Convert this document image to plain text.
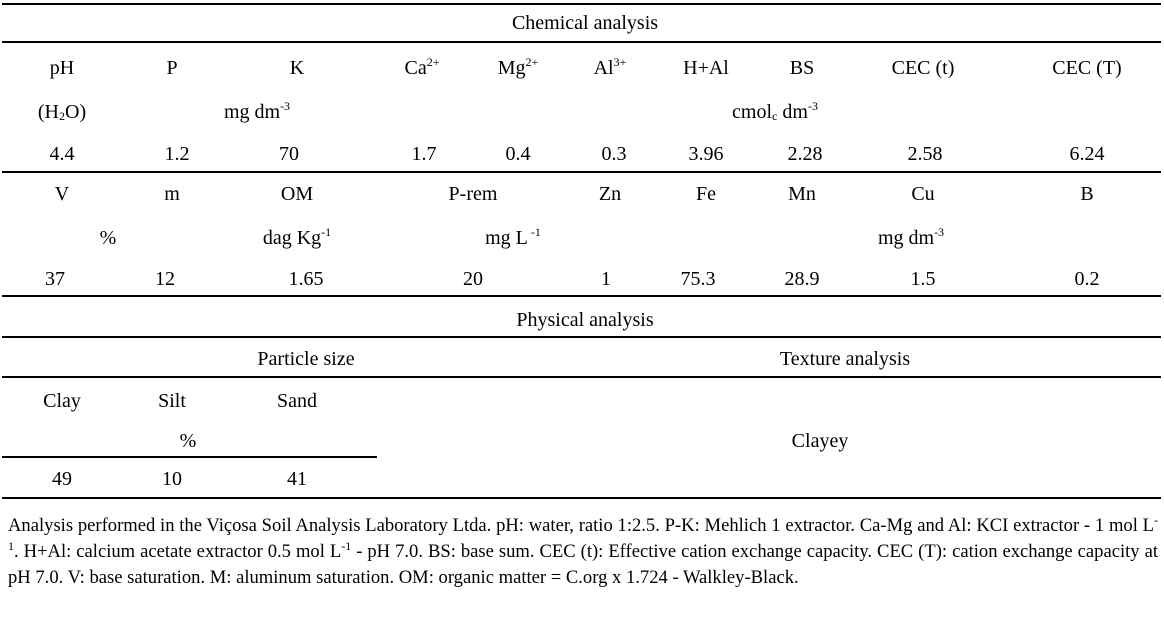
Chemical analysis
pH	P	K	$Ca^{2+}$	$Mg^{2+}$	$Al^{3+}$	H+Al	BS	CEC (t)	CEC (T)
$(H_2O)$	mg $dm^{-3}$	cmol$_c$ $dm^{-3}$
4.4	1.2	70	1.7	0.4	0.3	3.96	2.28	2.58	6.24
V	m	OM	P-rem	Zn	Fe	Mn	Cu	B
%	dag $Kg^{-1}$	mg L $^{-1}$	mg $dm^{-3}$
37	12	1.65	20	1	75.3	28.9	1.5	0.2
Physical analysis
Particle size	Texture analysis
Clay	Silt	Sand
%	Clayey
49	10	41
Analysis performed in the Viçosa Soil Analysis Laboratory Ltda. pH: water, ratio 1:2.5. P-K: Mehlich 1 extractor. Ca-Mg and Al: KCI extractor - 1 mol $L^{-1}$. H+Al: calcium acetate extractor 0.5 mol $L^{-1}$ - pH 7.0. BS: base sum. CEC (t): Effective cation exchange capacity. CEC (T): cation exchange capacity at pH 7.0. V: base saturation. M: aluminum saturation. OM: organic matter = C.org x 1.724 - Walkley-Black.
